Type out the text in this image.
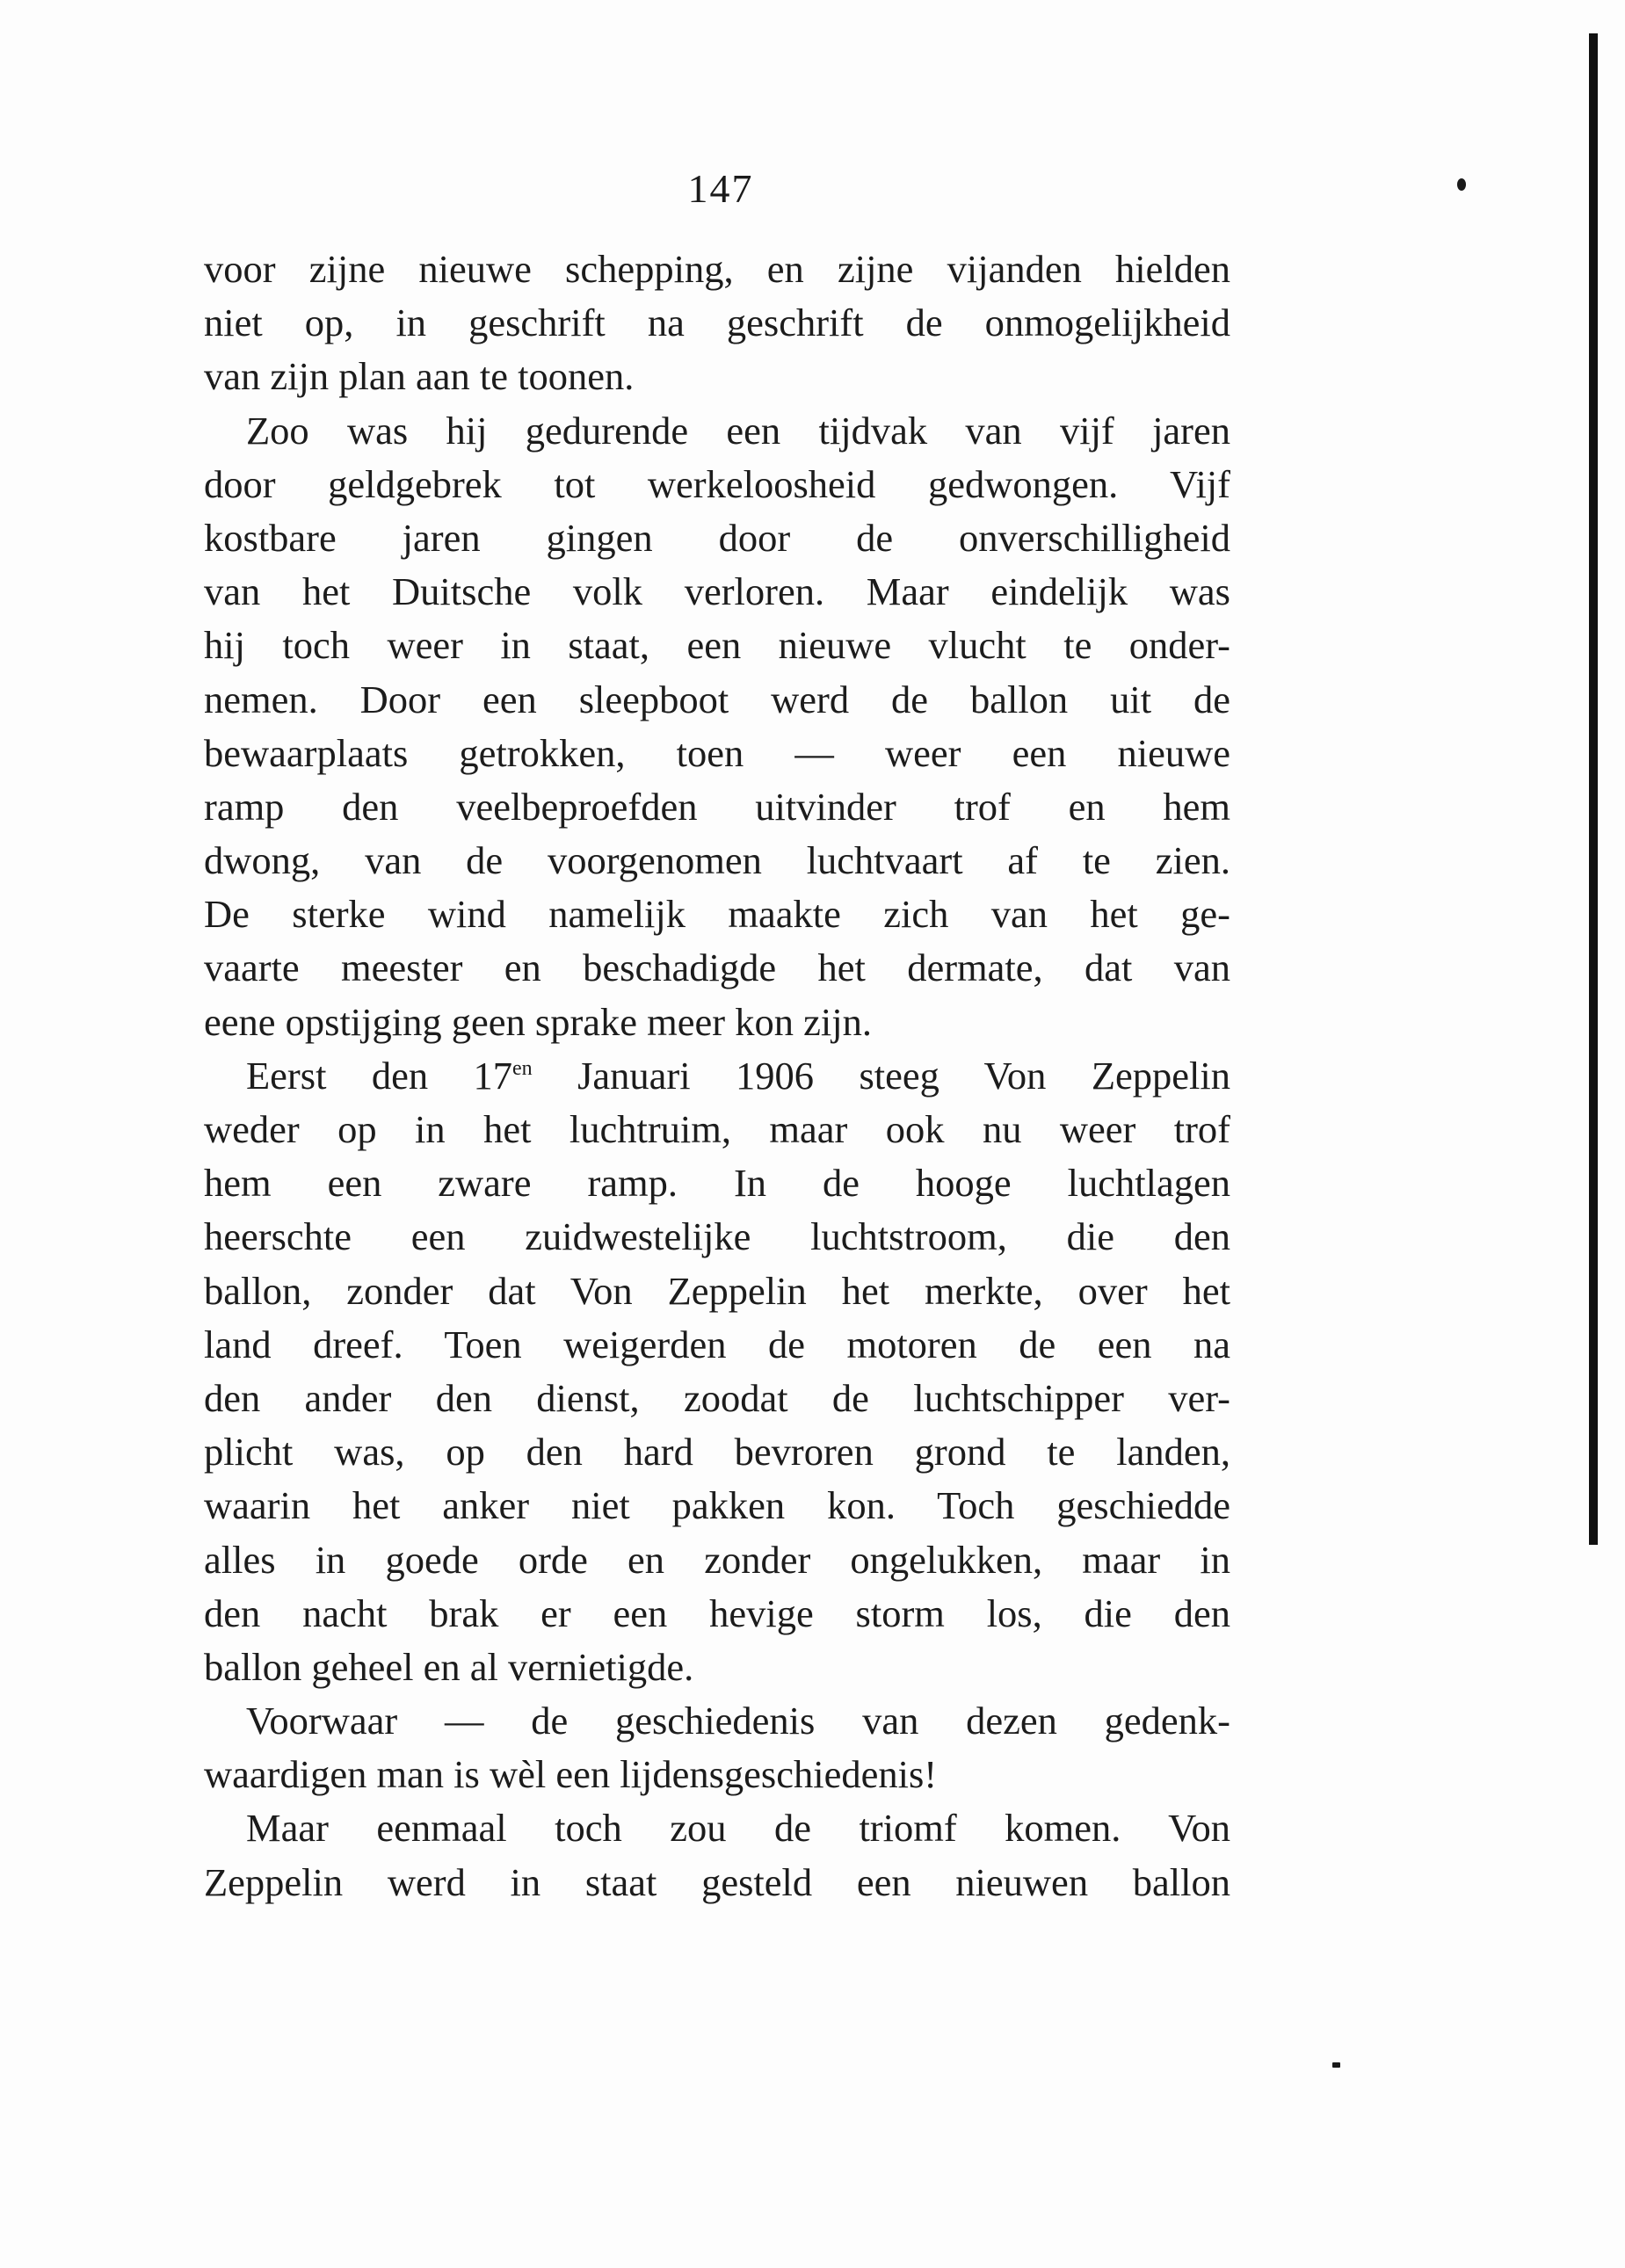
147
voor zijne nieuwe schepping, en zijne vijanden hielden
niet op, in geschrift na geschrift de onmogelijkheid
van zijn plan aan te toonen.
Zoo was hij gedurende een tijdvak van vijf jaren
door geldgebrek tot werkeloosheid gedwongen. Vijf
kostbare jaren gingen door de onverschilligheid
van het Duitsche volk verloren. Maar eindelijk was
hij toch weer in staat, een nieuwe vlucht te onder-
nemen. Door een sleepboot werd de ballon uit de
bewaarplaats getrokken, toen — weer een nieuwe
ramp den veelbeproefden uitvinder trof en hem
dwong, van de voorgenomen luchtvaart af te zien.
De sterke wind namelijk maakte zich van het ge-
vaarte meester en beschadigde het dermate, dat van
eene opstijging geen sprake meer kon zijn.
Eerst den $17^{en}$ Januari 1906 steeg Von Zeppelin
weder op in het luchtruim, maar ook nu weer trof
hem een zware ramp. In de hooge luchtlagen
heerschte een zuidwestelijke luchtstroom, die den
ballon, zonder dat Von Zeppelin het merkte, over het
land dreef. Toen weigerden de motoren de een na
den ander den dienst, zoodat de luchtschipper ver-
plicht was, op den hard bevroren grond te landen,
waarin het anker niet pakken kon. Toch geschiedde
alles in goede orde en zonder ongelukken, maar in
den nacht brak er een hevige storm los, die den
ballon geheel en al vernietigde.
Voorwaar — de geschiedenis van dezen gedenk-
waardigen man is wèl een lijdensgeschiedenis!
Maar eenmaal toch zou de triomf komen. Von
Zeppelin werd in staat gesteld een nieuwen ballon
